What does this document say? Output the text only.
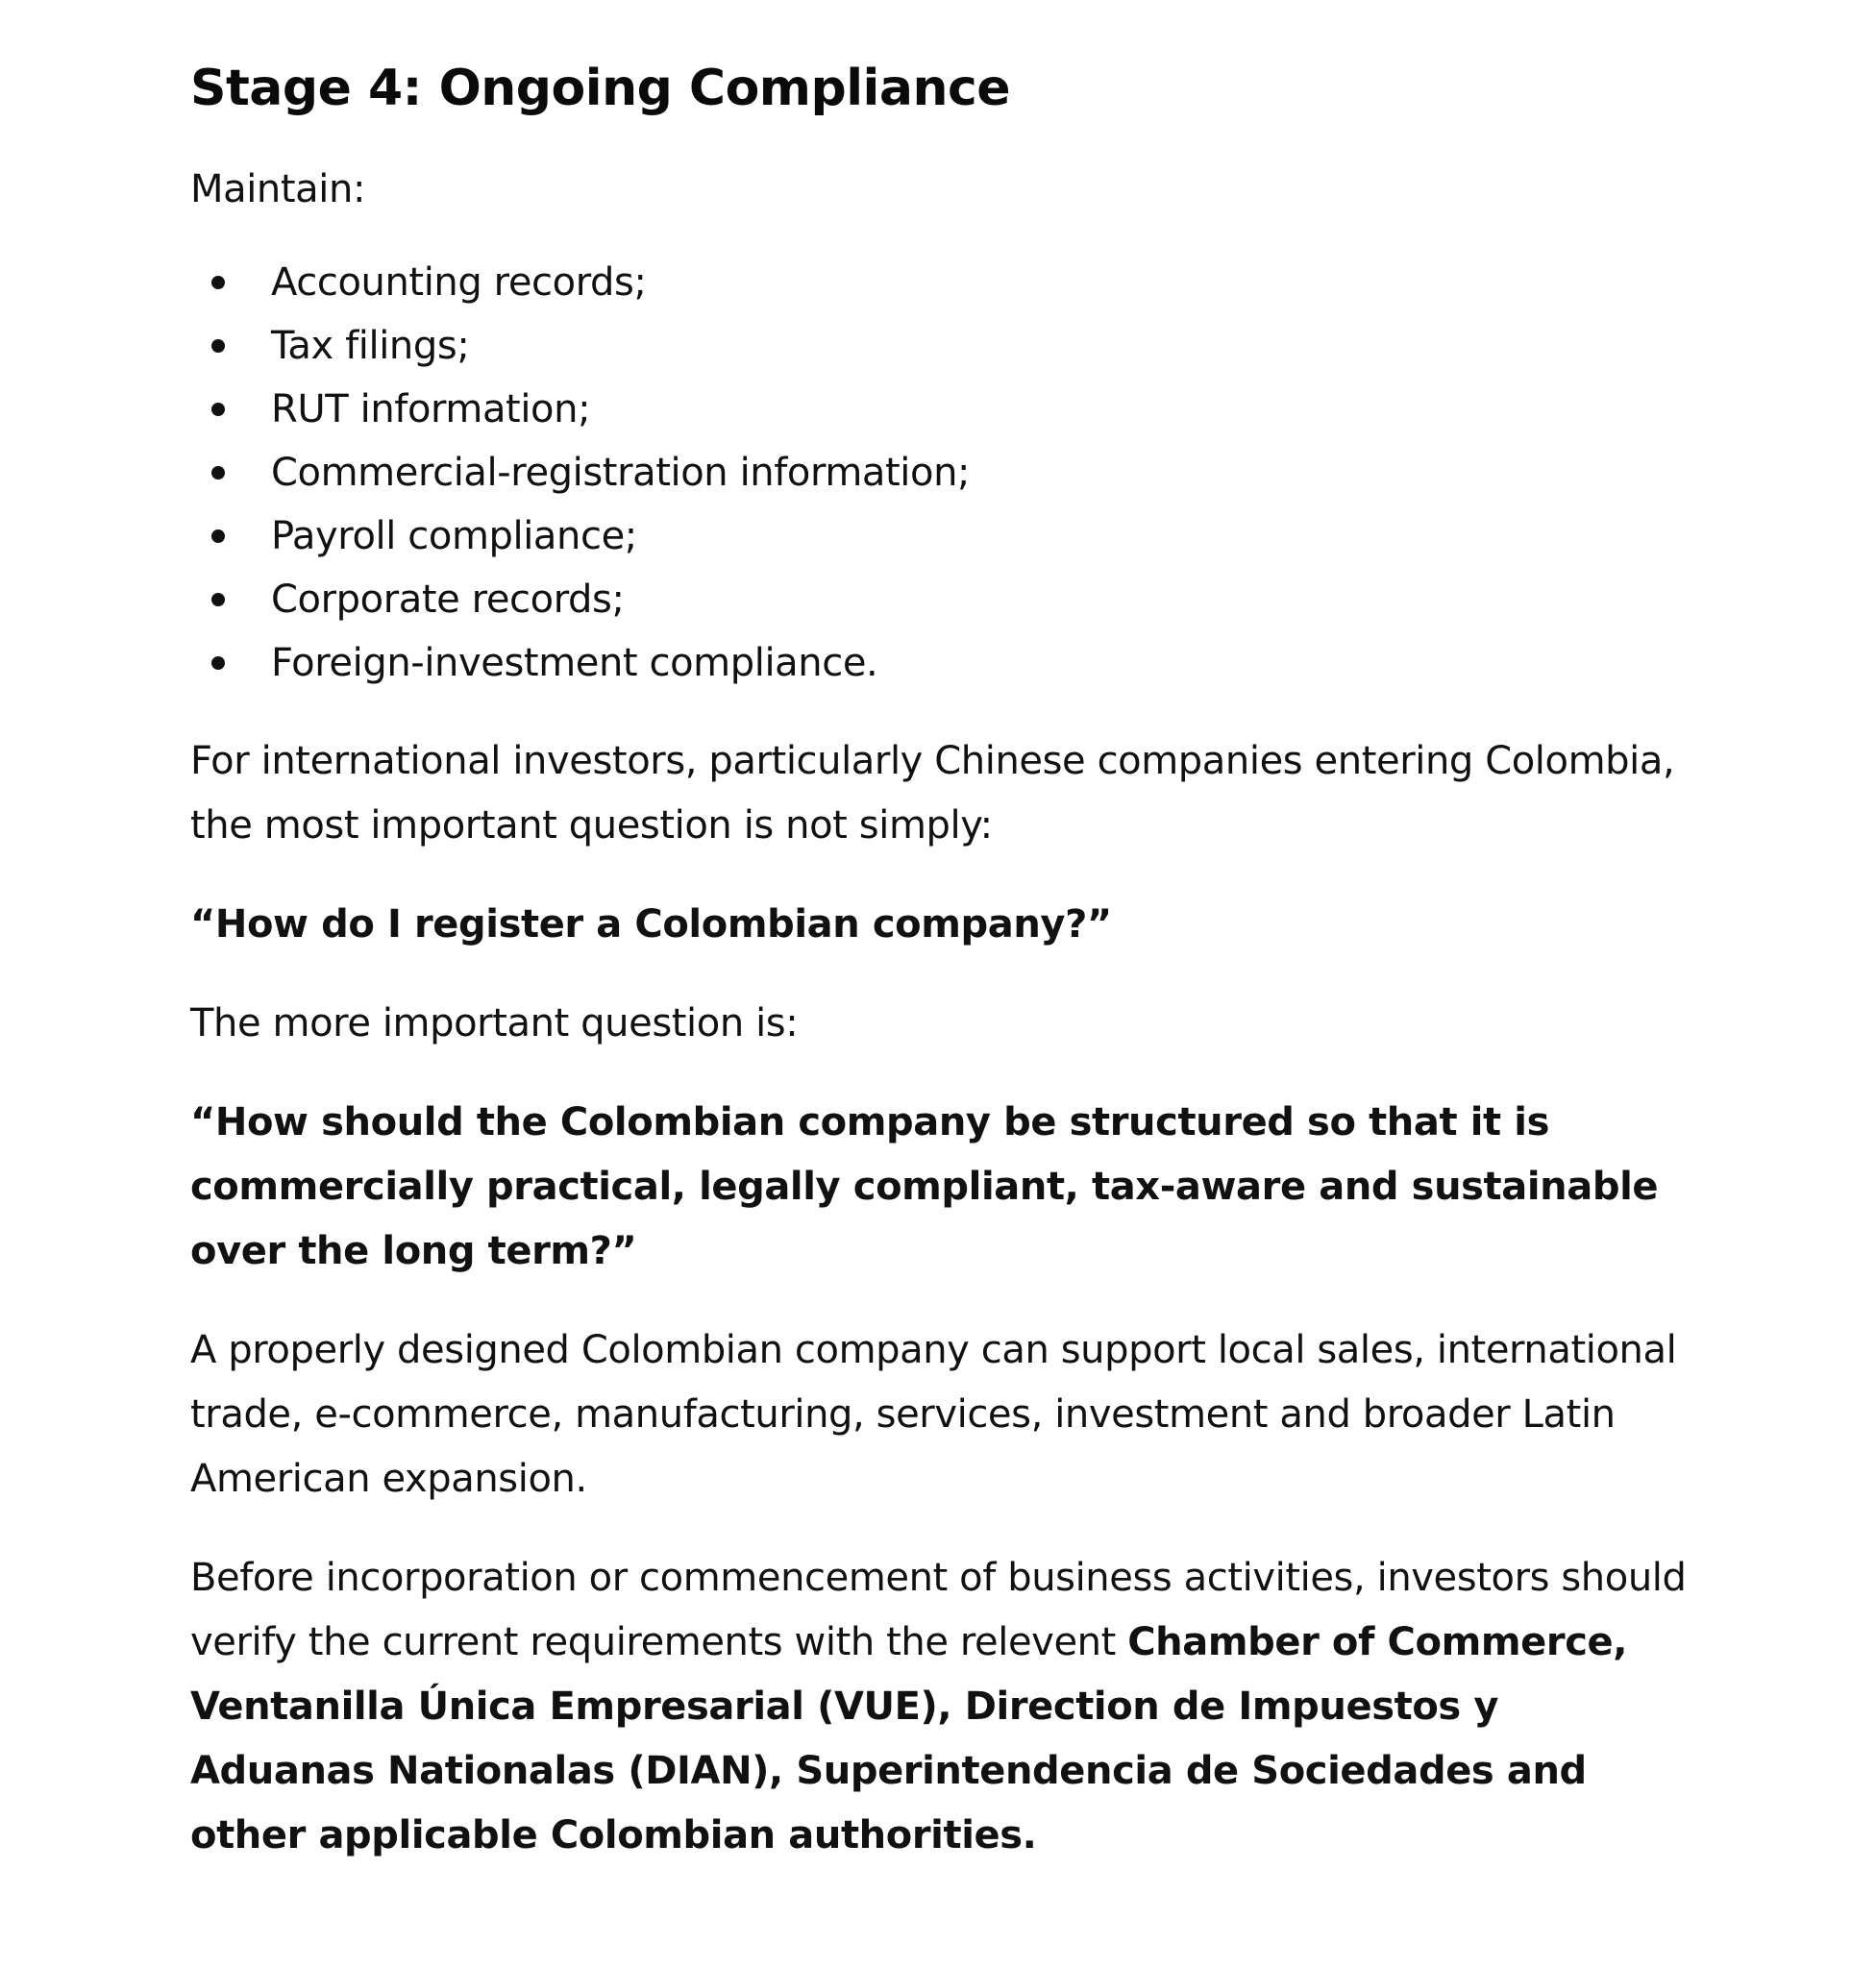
Stage 4: Ongoing Compliance

Maintain:

Accounting records;
Tax filings;
RUT information;
Commercial-registration information;
Payroll compliance;
Corporate records;
Foreign-investment compliance.

For international investors, particularly Chinese companies entering Colombia, the most important question is not simply:

“How do I register a Colombian company?”

The more important question is:

“How should the Colombian company be structured so that it is commercially practical, legally compliant, tax-aware and sustainable over the long term?”

A properly designed Colombian company can support local sales, international trade, e-commerce, manufacturing, services, investment and broader Latin American expansion.

Before incorporation or commencement of business activities, investors should verify the current requirements with the relevent Chamber of Commerce, Ventanilla Única Empresarial (VUE), Direction de Impuestos y Aduanas Nationalas (DIAN), Superintendencia de Sociedades and other applicable Colombian authorities.
